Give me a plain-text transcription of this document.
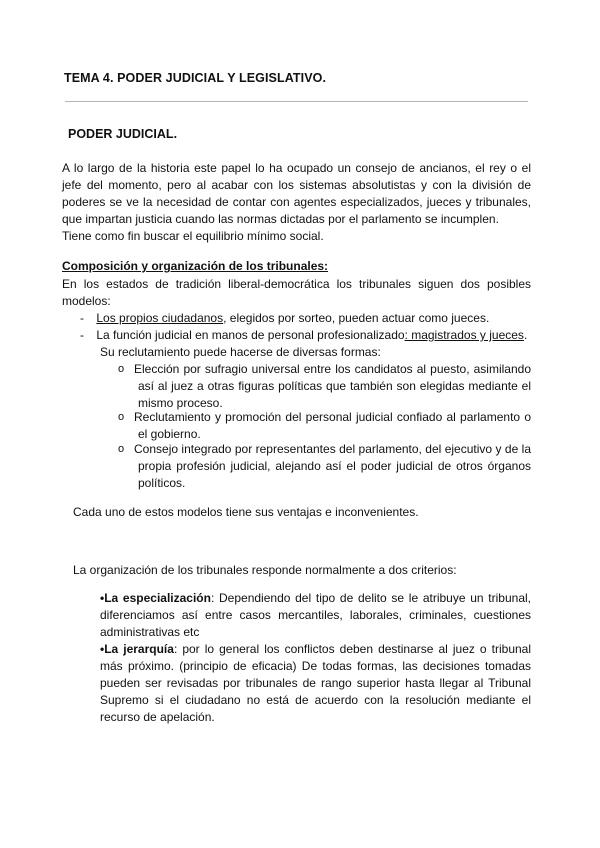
TEMA 4. PODER JUDICIAL Y LEGISLATIVO.
PODER JUDICIAL.
A lo largo de la historia este papel lo ha ocupado un consejo de ancianos, el rey o el
jefe del momento, pero al acabar con los sistemas absolutistas y con la división de
poderes se ve la necesidad de contar con agentes especializados, jueces y tribunales,
que impartan justicia cuando las normas dictadas por el parlamento se incumplen.
Tiene como fin buscar el equilibrio mínimo social.
Composición y organización de los tribunales:
En los estados de tradición liberal-democrática los tribunales siguen dos posibles
modelos:
- Los propios ciudadanos, elegidos por sorteo, pueden actuar como jueces.
- La función judicial en manos de personal profesionalizado: magistrados y jueces.
Su reclutamiento puede hacerse de diversas formas:
o Elección por sufragio universal entre los candidatos al puesto, asimilando
así al juez a otras figuras políticas que también son elegidas mediante el
mismo proceso.
o Reclutamiento y promoción del personal judicial confiado al parlamento o
el gobierno.
o Consejo integrado por representantes del parlamento, del ejecutivo y de la
propia profesión judicial, alejando así el poder judicial de otros órganos
políticos.
Cada uno de estos modelos tiene sus ventajas e inconvenientes.
La organización de los tribunales responde normalmente a dos criterios:
•La especialización: Dependiendo del tipo de delito se le atribuye un tribunal,
diferenciamos así entre casos mercantiles, laborales, criminales, cuestiones
administrativas etc
•La jerarquía: por lo general los conflictos deben destinarse al juez o tribunal
más próximo. (principio de eficacia) De todas formas, las decisiones tomadas
pueden ser revisadas por tribunales de rango superior hasta llegar al Tribunal
Supremo si el ciudadano no está de acuerdo con la resolución mediante el
recurso de apelación.
